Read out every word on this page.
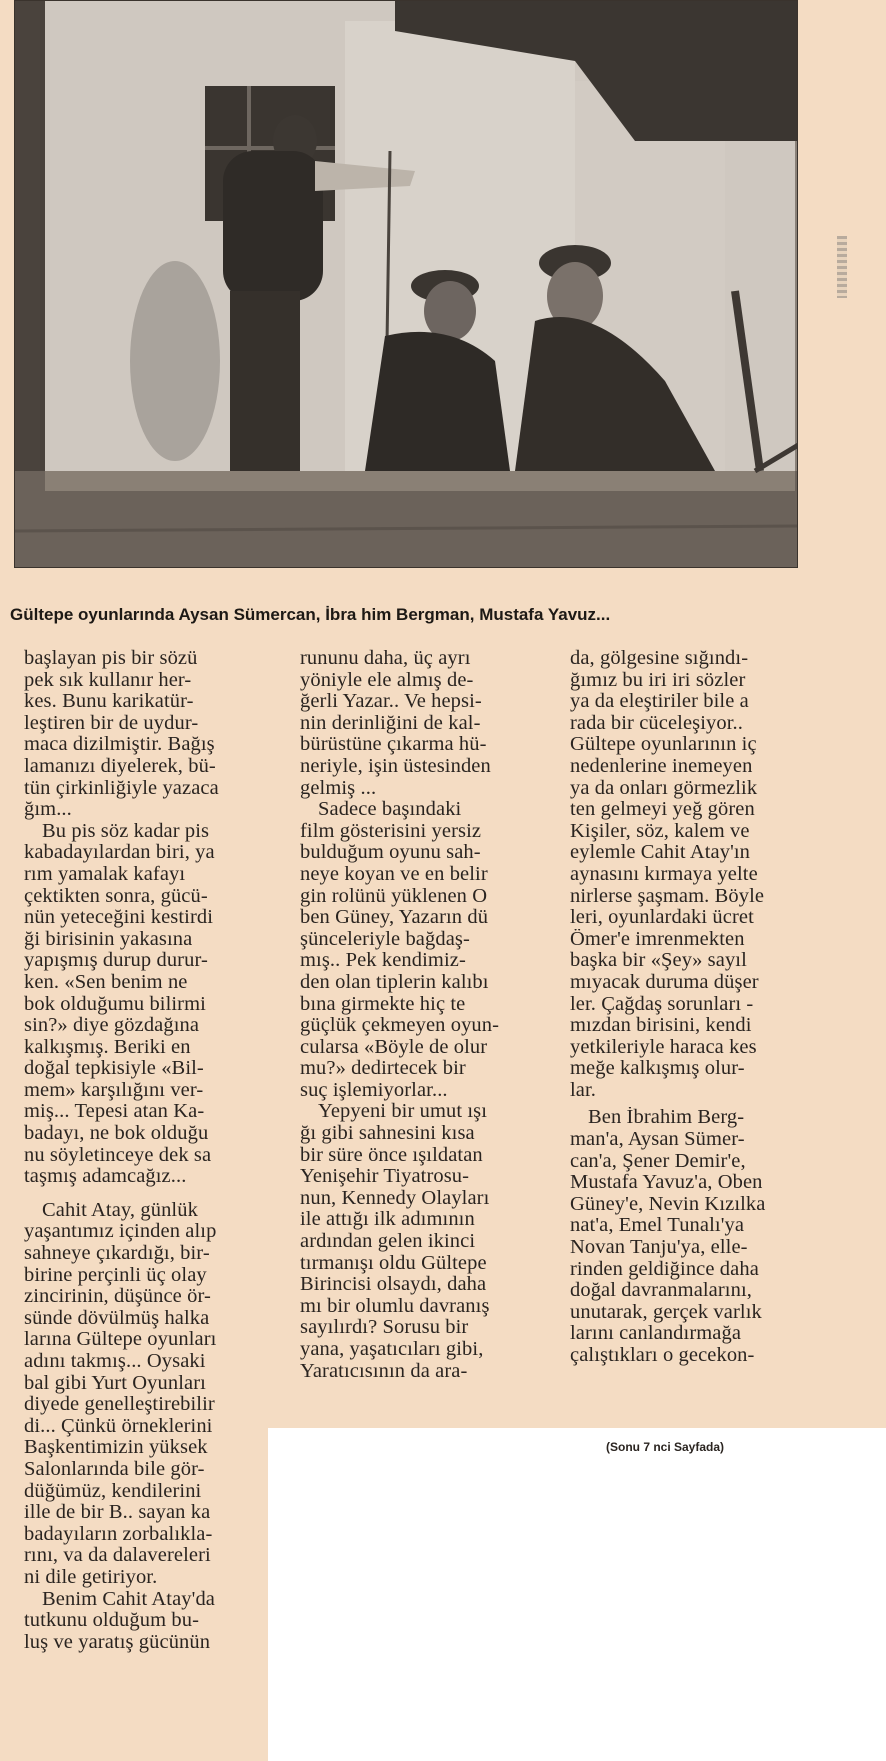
Gültepe oyunlarında Aysan Sümercan, İbra him Bergman, Mustafa Yavuz...

başlayan pis bir sözü
pek sık kullanır her-
kes. Bunu karikatür-
leştiren bir de uydur-
maca dizilmiştir. Bağış
lamanızı diyelerek, bü-
tün çirkinliğiyle yazaca
ğım...

Bu pis söz kadar pis
kabadayılardan biri, ya
rım yamalak kafayı
çektikten sonra, gücü-
nün yeteceğini kestirdi
ği birisinin yakasına
yapışmış durup durur-
ken. «Sen benim ne
bok olduğumu bilirmi
sin?» diye gözdağına
kalkışmış. Beriki en
doğal tepkisiyle «Bil-
mem» karşılığını ver-
miş... Tepesi atan Ka-
badayı, ne bok olduğu
nu söyletinceye dek sa
taşmış adamcağız...

Cahit Atay, günlük
yaşantımız içinden alıp
sahneye çıkardığı, bir-
birine perçinli üç olay
zincirinin, düşünce ör-
sünde dövülmüş halka
larına Gültepe oyunları
adını takmış... Oysaki
bal gibi Yurt Oyunları
diyede genelleştirebilir
di... Çünkü örneklerini
Başkentimizin yüksek
Salonlarında bile gör-
düğümüz, kendilerini
ille de bir B.. sayan ka
badayıların zorbalıkla-
rını, va da dalavereleri
ni dile getiriyor.

Benim Cahit Atay'da
tutkunu olduğum bu-
luş ve yaratış gücünün

rununu daha, üç ayrı
yöniyle ele almış de-
ğerli Yazar.. Ve hepsi-
nin derinliğini de kal-
bürüstüne çıkarma hü-
neriyle, işin üstesinden
gelmiş ...

Sadece başındaki
film gösterisini yersiz
bulduğum oyunu sah-
neye koyan ve en belir
gin rolünü yüklenen O
ben Güney, Yazarın dü
şünceleriyle bağdaş-
mış.. Pek kendimiz-
den olan tiplerin kalıbı
bına girmekte hiç te
güçlük çekmeyen oyun-
cularsa «Böyle de olur
mu?» dedirtecek bir
suç işlemiyorlar...

Yepyeni bir umut ışı
ğı gibi sahnesini kısa
bir süre önce ışıldatan
Yenişehir Tiyatrosu-
nun, Kennedy Olayları
ile attığı ilk adımının
ardından gelen ikinci
tırmanışı oldu Gültepe
Birincisi olsaydı, daha
mı bir olumlu davranış
sayılırdı? Sorusu bir
yana, yaşatıcıları gibi,
Yaratıcısının da ara-

da, gölgesine sığındı-
ğımız bu iri iri sözler
ya da eleştiriler bile a
rada bir cüceleşiyor..
Gültepe oyunlarının iç
nedenlerine inemeyen
ya da onları görmezlik
ten gelmeyi yeğ gören
Kişiler, söz, kalem ve
eylemle Cahit Atay'ın
aynasını kırmaya yelte
nirlerse şaşmam. Böyle
leri, oyunlardaki ücret
Ömer'e imrenmekten
başka bir «Şey» sayıl
mıyacak duruma düşer
ler. Çağdaş sorunları -
mızdan birisini, kendi
yetkileriyle haraca kes
meğe kalkışmış olur-
lar.

Ben İbrahim Berg-
man'a, Aysan Sümer-
can'a, Şener Demir'e,
Mustafa Yavuz'a, Oben
Güney'e, Nevin Kızılka
nat'a, Emel Tunalı'ya
Novan Tanju'ya, elle-
rinden geldiğince daha
doğal davranmalarını,
unutarak, gerçek varlık
larını canlandırmağa
çalıştıkları o gecekon-

(Sonu 7 nci Sayfada)
